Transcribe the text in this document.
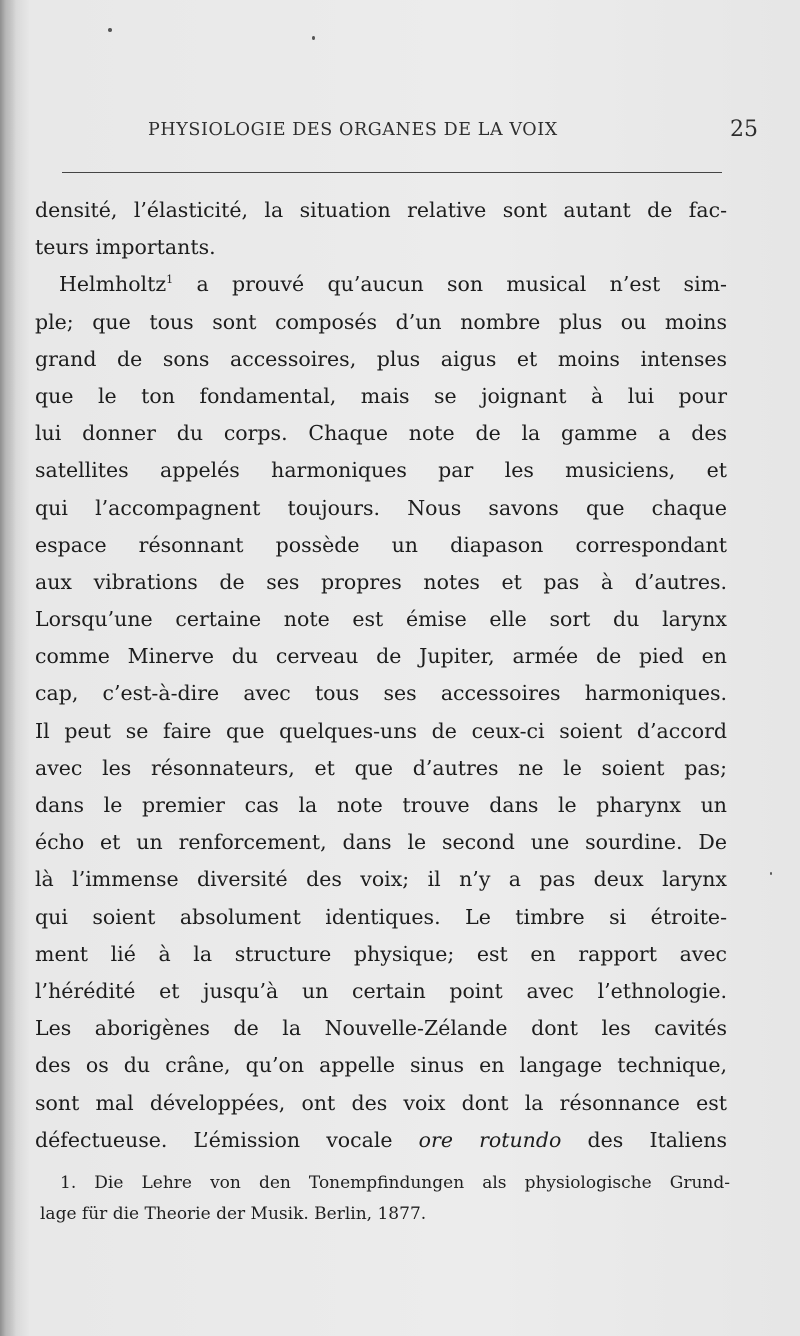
PHYSIOLOGIE DES ORGANES DE LA VOIX	25
densité, l’élasticité, la situation relative sont autant de fac-
teurs importants.
Helmholtz$^1$ a prouvé qu’aucun son musical n’est sim-
ple; que tous sont composés d’un nombre plus ou moins
grand de sons accessoires, plus aigus et moins intenses
que le ton fondamental, mais se joignant à lui pour
lui donner du corps. Chaque note de la gamme a des
satellites appelés harmoniques par les musiciens, et
qui l’accompagnent toujours. Nous savons que chaque
espace résonnant possède un diapason correspondant
aux vibrations de ses propres notes et pas à d’autres.
Lorsqu’une certaine note est émise elle sort du larynx
comme Minerve du cerveau de Jupiter, armée de pied en
cap, c’est-à-dire avec tous ses accessoires harmoniques.
Il peut se faire que quelques-uns de ceux-ci soient d’accord
avec les résonnateurs, et que d’autres ne le soient pas;
dans le premier cas la note trouve dans le pharynx un
écho et un renforcement, dans le second une sourdine. De
là l’immense diversité des voix; il n’y a pas deux larynx
qui soient absolument identiques. Le timbre si étroite-
ment lié à la structure physique; est en rapport avec
l’hérédité et jusqu’à un certain point avec l’ethnologie.
Les aborigènes de la Nouvelle-Zélande dont les cavités
des os du crâne, qu’on appelle sinus en langage technique,
sont mal développées, ont des voix dont la résonnance est
défectueuse. L’émission vocale ore rotundo des Italiens
1. Die Lehre von den Tonempfindungen als physiologische Grund-
lage für die Theorie der Musik. Berlin, 1877.
